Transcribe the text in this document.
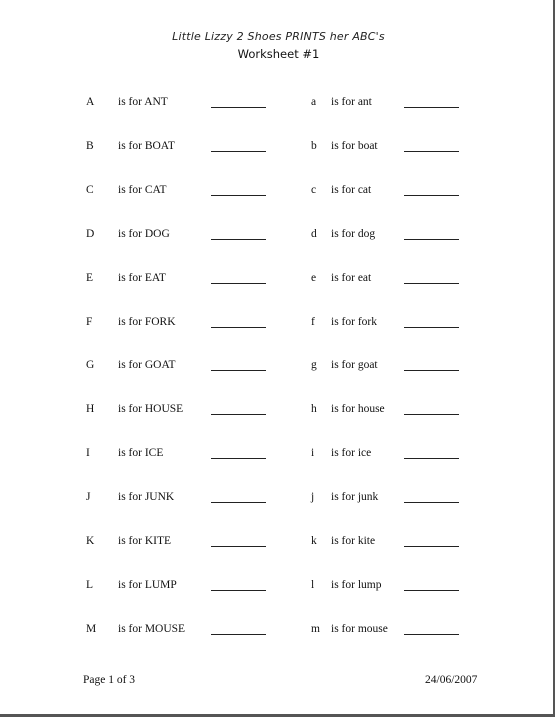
Little Lizzy 2 Shoes PRINTS her ABC's
Worksheet #1
A is for ANT	a is for ant
B is for BOAT	b is for boat
C is for CAT	c is for cat
D is for DOG	d is for dog
E is for EAT	e is for eat
F is for FORK	f is for fork
G is for GOAT	g is for goat
H is for HOUSE	h is for house
I is for ICE	i is for ice
J is for JUNK	j is for junk
K is for KITE	k is for kite
L is for LUMP	l is for lump
M is for MOUSE	m is for mouse
Page 1 of 3	24/06/2007
